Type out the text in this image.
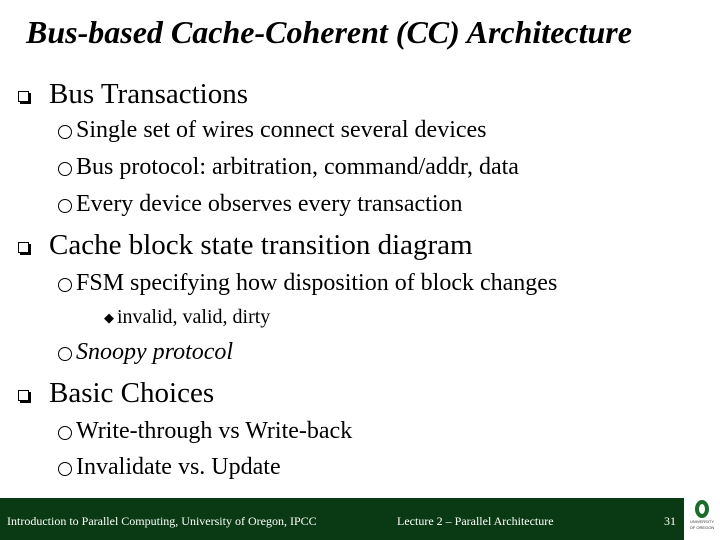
Bus-based Cache-Coherent (CC) Architecture
Bus Transactions
Single set of wires connect several devices
Bus protocol: arbitration, command/addr, data
Every device observes every transaction
Cache block state transition diagram
FSM specifying how disposition of block changes
◆ invalid, valid, dirty
Snoopy protocol
Basic Choices
Write-through vs Write-back
Invalidate vs. Update
Introduction to Parallel Computing, University of Oregon, IPCC	Lecture 2 – Parallel Architecture	31	UNIVERSITY
OF OREGON
